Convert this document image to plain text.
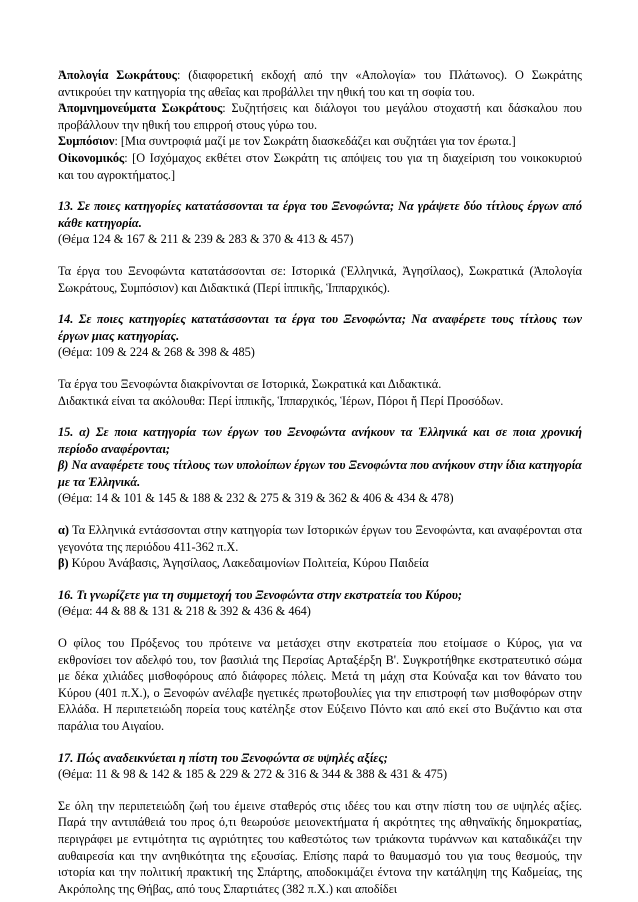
Ἀπολογία Σωκράτους: (διαφορετική εκδοχή από την «Απολογία» του Πλάτωνος). Ο Σωκράτης αντικρούει την κατηγορία της αθεΐας και προβάλλει την ηθική του και τη σοφία του.

Ἀπομνημονεύματα Σωκράτους: Συζητήσεις και διάλογοι του μεγάλου στοχαστή και δάσκαλου που προβάλλουν την ηθική του επιρροή στους γύρω του.

Συμπόσιον: [Μια συντροφιά μαζί με τον Σωκράτη διασκεδάζει και συζητάει για τον έρωτα.]

Οἰκονομικός: [Ο Ισχόμαχος εκθέτει στον Σωκράτη τις απόψεις του για τη διαχείριση του νοικοκυριού και του αγροκτήματος.]

13. Σε ποιες κατηγορίες κατατάσσονται τα έργα του Ξενοφώντα; Να γράψετε δύο τίτλους έργων από κάθε κατηγορία.

(Θέμα 124 & 167 & 211 & 239 & 283 & 370 & 413 & 457)

Τα έργα του Ξενοφώντα κατατάσσονται σε: Ιστορικά (Ἑλληνικά, Ἀγησίλαος), Σωκρατικά (Ἀπολογία Σωκράτους, Συμπόσιον) και Διδακτικά (Περί ἱππικῆς, Ἱππαρχικός).

14. Σε ποιες κατηγορίες κατατάσσονται τα έργα του Ξενοφώντα; Να αναφέρετε τους τίτλους των έργων μιας κατηγορίας.

(Θέμα: 109 & 224 & 268 & 398 & 485)

Τα έργα του Ξενοφώντα διακρίνονται σε Ιστορικά, Σωκρατικά και Διδακτικά.

Διδακτικά είναι τα ακόλουθα: Περί ἱππικῆς, Ἱππαρχικός, Ἱέρων, Πόροι ἤ Περί Προσόδων.

15. α) Σε ποια κατηγορία των έργων του Ξενοφώντα ανήκουν τα Ἑλληνικά και σε ποια χρονική περίοδο αναφέρονται;

β) Να αναφέρετε τους τίτλους των υπολοίπων έργων του Ξενοφώντα που ανήκουν στην ίδια κατηγορία με τα Ἑλληνικά.

(Θέμα: 14 & 101 & 145 & 188 & 232 & 275 & 319 & 362 & 406 & 434 & 478)

α) Τα Ελληνικά εντάσσονται στην κατηγορία των Ιστορικών έργων του Ξενοφώντα, και αναφέρονται στα γεγονότα της περιόδου 411-362 π.Χ.

β) Κύρου Ἀνάβασις, Ἀγησίλαος, Λακεδαιμονίων Πολιτεία, Κύρου Παιδεία

16. Τι γνωρίζετε για τη συμμετοχή του Ξενοφώντα στην εκστρατεία του Κύρου;

(Θέμα: 44 & 88 & 131 & 218 & 392 & 436 & 464)

Ο φίλος του Πρόξενος του πρότεινε να μετάσχει στην εκστρατεία που ετοίμασε ο Κύρος, για να εκθρονίσει τον αδελφό του, τον βασιλιά της Περσίας Αρταξέρξη Β'. Συγκροτήθηκε εκστρατευτικό σώμα με δέκα χιλιάδες μισθοφόρους από διάφορες πόλεις. Μετά τη μάχη στα Κούναξα και τον θάνατο του Κύρου (401 π.Χ.), ο Ξενοφών ανέλαβε ηγετικές πρωτοβουλίες για την επιστροφή των μισθοφόρων στην Ελλάδα. Η περιπετειώδη πορεία τους κατέληξε στον Εύξεινο Πόντο και από εκεί στο Βυζάντιο και στα παράλια του Αιγαίου.

17. Πώς αναδεικνύεται η πίστη του Ξενοφώντα σε υψηλές αξίες;

(Θέμα: 11 & 98 & 142 & 185 & 229 & 272 & 316 & 344 & 388 & 431 & 475)

Σε όλη την περιπετειώδη ζωή του έμεινε σταθερός στις ιδέες του και στην πίστη του σε υψηλές αξίες. Παρά την αντιπάθειά του προς ό,τι θεωρούσε μειονεκτήματα ή ακρότητες της αθηναϊκής δημοκρατίας, περιγράφει με εντιμότητα τις αγριότητες του καθεστώτος των τριάκοντα τυράννων και καταδικάζει την αυθαιρεσία και την ανηθικότητα της εξουσίας. Επίσης παρά το θαυμασμό του για τους θεσμούς, την ιστορία και την πολιτική πρακτική της Σπάρτης, αποδοκιμάζει έντονα την κατάληψη της Καδμείας, της Ακρόπολης της Θήβας, από τους Σπαρτιάτες (382 π.Χ.) και αποδίδει
